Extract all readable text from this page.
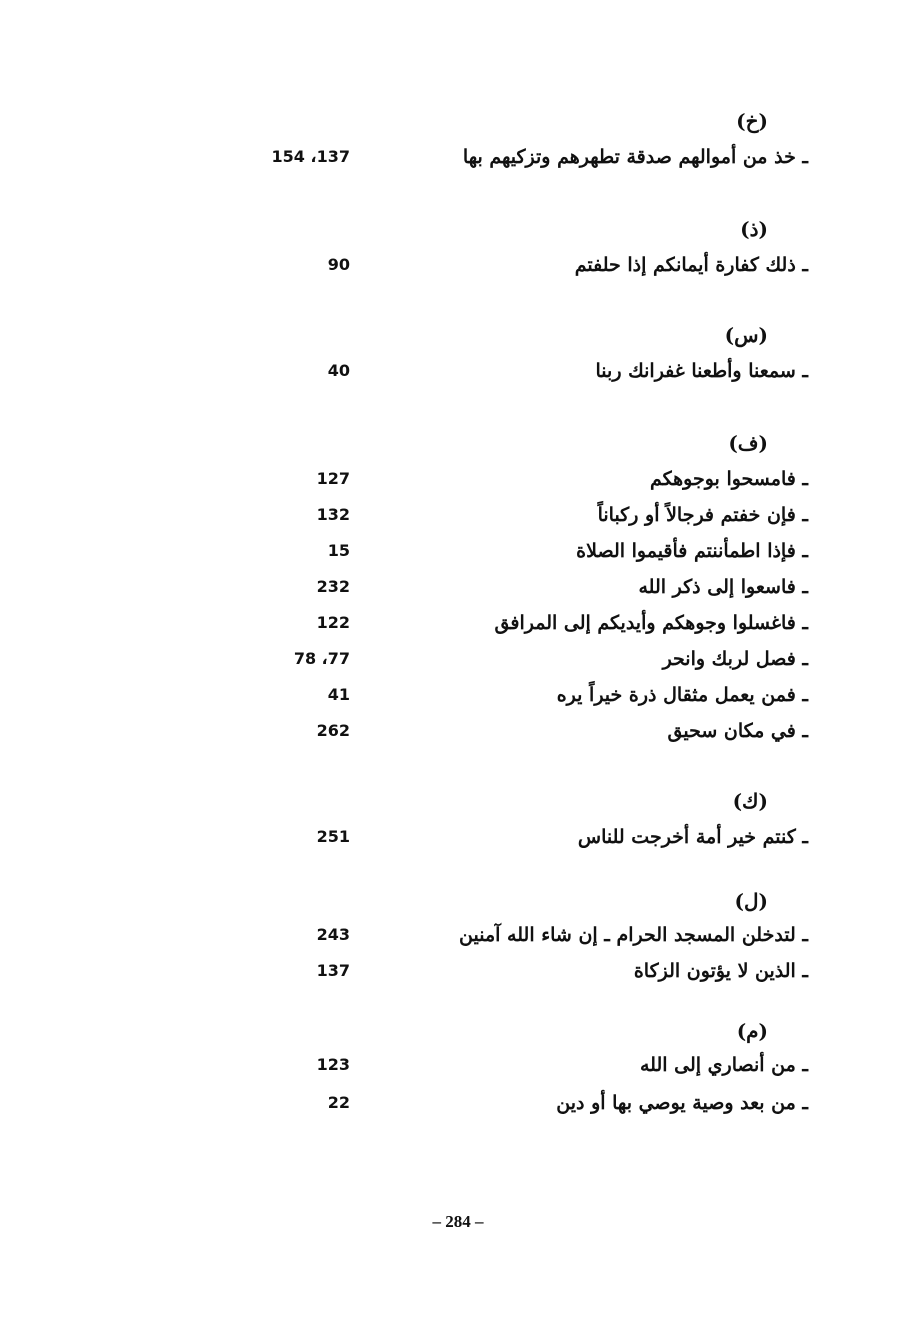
(خ)
ـ خذ من أموالهم صدقة تطهرهم وتزكيهم بها
137، 154
(ذ)
ـ ذلك كفارة أيمانكم إذا حلفتم
90
(س)
ـ سمعنا وأطعنا غفرانك ربنا
40
(ف)
ـ فامسحوا بوجوهكم
127
ـ فإن خفتم فرجالاً أو ركباناً
132
ـ فإذا اطمأننتم فأقيموا الصلاة
15
ـ فاسعوا إلى ذكر الله
232
ـ فاغسلوا وجوهكم وأيديكم إلى المرافق
122
ـ فصل لربك وانحر
77، 78
ـ فمن يعمل مثقال ذرة خيراً يره
41
ـ في مكان سحيق
262
(ك)
ـ كنتم خير أمة أخرجت للناس
251
(ل)
ـ لتدخلن المسجد الحرام ـ إن شاء الله آمنين
243
ـ الذين لا يؤتون الزكاة
137
(م)
ـ من أنصاري إلى الله
123
ـ من بعد وصية يوصي بها أو دين
22
– 284 –
